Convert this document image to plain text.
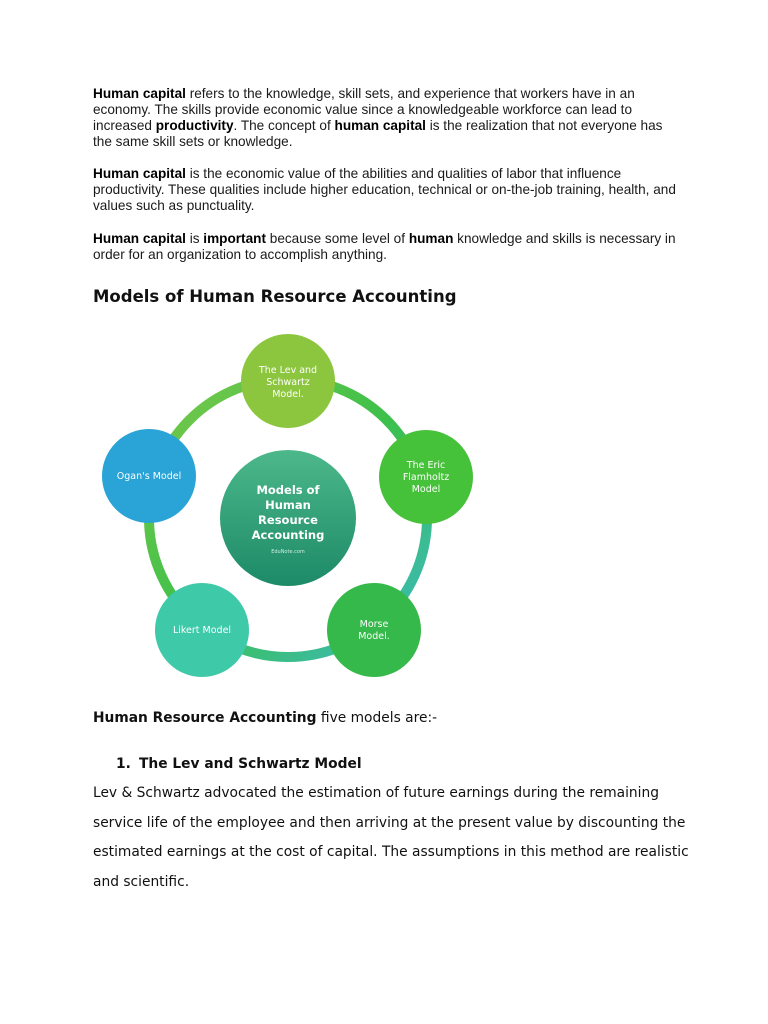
Human capital refers to the knowledge, skill sets, and experience that workers have in an economy. The skills provide economic value since a knowledgeable workforce can lead to increased productivity. The concept of human capital is the realization that not everyone has the same skill sets or knowledge.

Human capital is the economic value of the abilities and qualities of labor that influence productivity. These qualities include higher education, technical or on-the-job training, health, and values such as punctuality.

Human capital is important because some level of human knowledge and skills is necessary in order for an organization to accomplish anything.

Models of Human Resource Accounting
Models of
Human
Resource
Accounting
EduNote.com
The Lev and
Schwartz
Model.
The Eric
Flamholtz
Model
Morse
Model.
Likert Model
Ogan's Model

Human Resource Accounting five models are:-

1. The Lev and Schwartz Model

Lev & Schwartz advocated the estimation of future earnings during the remaining service life of the employee and then arriving at the present value by discounting the estimated earnings at the cost of capital. The assumptions in this method are realistic and scientific.
